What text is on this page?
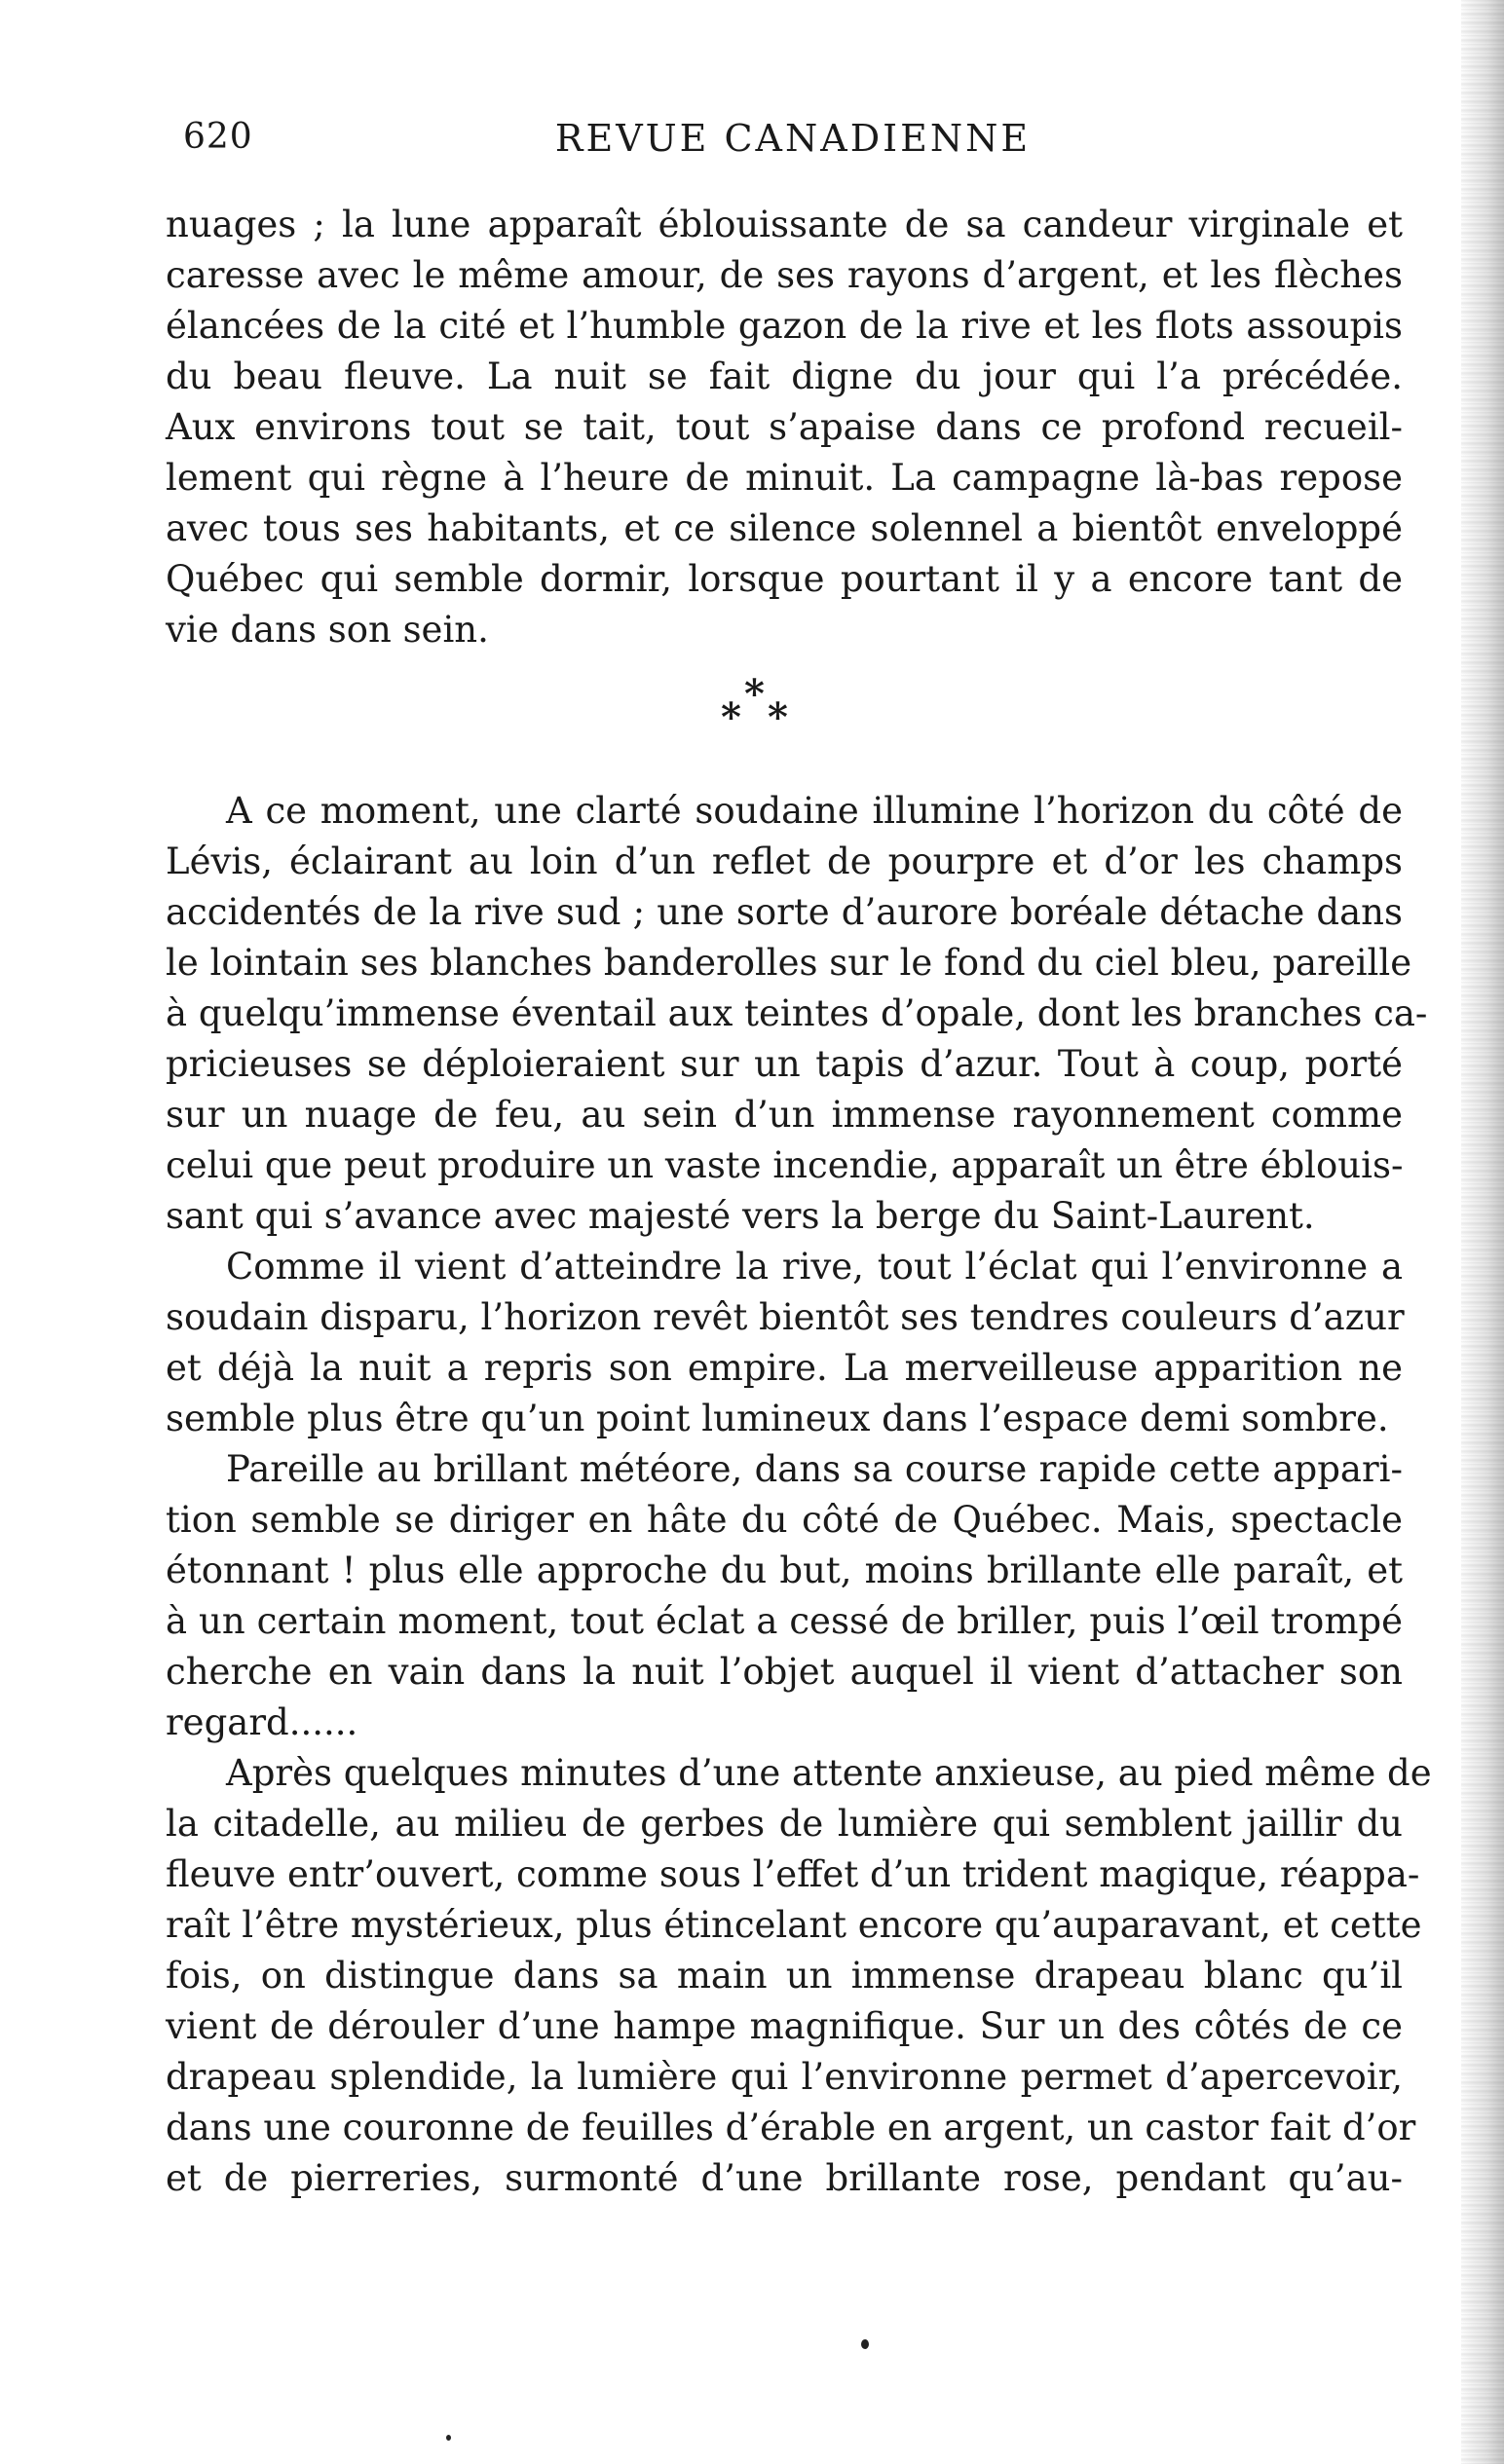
620	REVUE CANADIENNE
nuages ; la lune apparaît éblouissante de sa candeur virginale et
caresse avec le même amour, de ses rayons d’argent, et les flèches
élancées de la cité et l’humble gazon de la rive et les flots assoupis
du beau fleuve. La nuit se fait digne du jour qui l’a précédée.
Aux environs tout se tait, tout s’apaise dans ce profond recueil-
lement qui règne à l’heure de minuit. La campagne là-bas repose
avec tous ses habitants, et ce silence solennel a bientôt enveloppé
Québec qui semble dormir, lorsque pourtant il y a encore tant de
vie dans son sein.
*
* *
A ce moment, une clarté soudaine illumine l’horizon du côté de
Lévis, éclairant au loin d’un reflet de pourpre et d’or les champs
accidentés de la rive sud ; une sorte d’aurore boréale détache dans
le lointain ses blanches banderolles sur le fond du ciel bleu, pareille
à quelqu’immense éventail aux teintes d’opale, dont les branches ca-
pricieuses se déploieraient sur un tapis d’azur. Tout à coup, porté
sur un nuage de feu, au sein d’un immense rayonnement comme
celui que peut produire un vaste incendie, apparaît un être éblouis-
sant qui s’avance avec majesté vers la berge du Saint-Laurent.
Comme il vient d’atteindre la rive, tout l’éclat qui l’environne a
soudain disparu, l’horizon revêt bientôt ses tendres couleurs d’azur
et déjà la nuit a repris son empire. La merveilleuse apparition ne
semble plus être qu’un point lumineux dans l’espace demi sombre.
Pareille au brillant météore, dans sa course rapide cette appari-
tion semble se diriger en hâte du côté de Québec. Mais, spectacle
étonnant ! plus elle approche du but, moins brillante elle paraît, et
à un certain moment, tout éclat a cessé de briller, puis l’œil trompé
cherche en vain dans la nuit l’objet auquel il vient d’attacher son
regard......
Après quelques minutes d’une attente anxieuse, au pied même de
la citadelle, au milieu de gerbes de lumière qui semblent jaillir du
fleuve entr’ouvert, comme sous l’effet d’un trident magique, réappa-
raît l’être mystérieux, plus étincelant encore qu’auparavant, et cette
fois, on distingue dans sa main un immense drapeau blanc qu’il
vient de dérouler d’une hampe magnifique. Sur un des côtés de ce
drapeau splendide, la lumière qui l’environne permet d’apercevoir,
dans une couronne de feuilles d’érable en argent, un castor fait d’or
et de pierreries, surmonté d’une brillante rose, pendant qu’au-
